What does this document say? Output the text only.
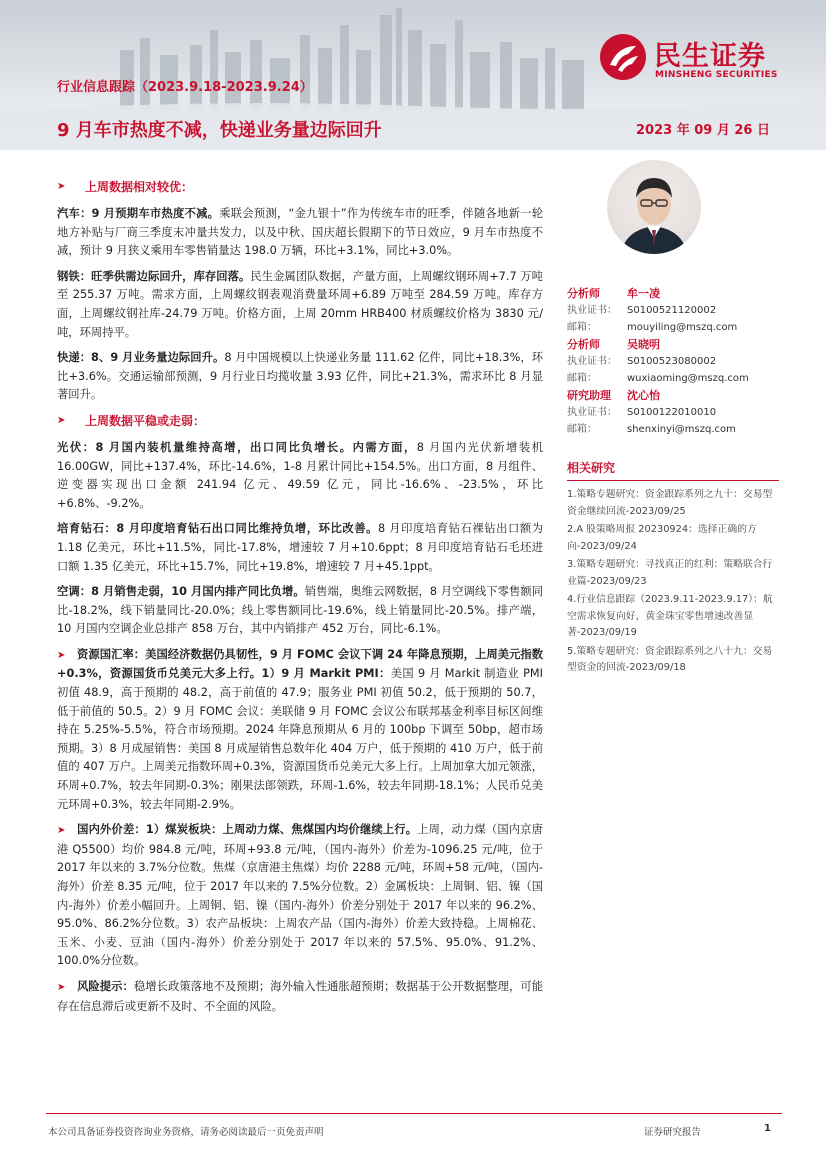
民生证券
MINSHENG SECURITIES
行业信息跟踪（2023.9.18-2023.9.24）
9 月车市热度不减，快递业务量边际回升	2023 年 09 月 26 日
➤	上周数据相对较优：

汽车：9 月预期车市热度不减。乘联会预测，“金九银十”作为传统车市的旺季，伴随各地新一轮地方补贴与厂商三季度末冲量共发力，以及中秋、国庆超长假期下的节日效应，9 月车市热度不减，预计 9 月狭义乘用车零售销量达 198.0 万辆，环比+3.1%，同比+3.0%。

钢铁：旺季供需边际回升，库存回落。民生金属团队数据，产量方面，上周螺纹钢环周+7.7 万吨至 255.37 万吨。需求方面，上周螺纹钢表观消费量环周+6.89 万吨至 284.59 万吨。库存方面，上周螺纹钢社库-24.79 万吨。价格方面，上周 20mm HRB400 材质螺纹价格为 3830 元/吨，环周持平。

快递：8、9 月业务量边际回升。8 月中国规模以上快递业务量 111.62 亿件，同比+18.3%，环比+3.6%。交通运输部预测，9 月行业日均揽收量 3.93 亿件，同比+21.3%，需求环比 8 月显著回升。

➤	上周数据平稳或走弱：

光伏：8 月国内装机量维持高增，出口同比负增长。内需方面，8 月国内光伏新增装机 16.00GW，同比+137.4%，环比-14.6%，1-8 月累计同比+154.5%。出口方面，8 月组件、逆变器实现出口金额 241.94 亿元、49.59 亿元，同比-16.6%、-23.5%，环比+6.8%、-9.2%。

培育钻石：8 月印度培育钻石出口同比维持负增，环比改善。8 月印度培育钻石裸钻出口额为 1.18 亿美元，环比+11.5%，同比-17.8%，增速较 7 月+10.6ppt；8 月印度培育钻石毛坯进口额 1.35 亿美元，环比+15.7%，同比+19.8%，增速较 7 月+45.1ppt。

空调：8 月销售走弱，10 月国内排产同比负增。销售端，奥维云网数据，8 月空调线下零售额同比-18.2%，线下销量同比-20.0%；线上零售额同比-19.6%，线上销量同比-20.5%。排产端，10 月国内空调企业总排产 858 万台，其中内销排产 452 万台，同比-6.1%。

➤ 资源国汇率：美国经济数据仍具韧性，9 月 FOMC 会议下调 24 年降息预期，上周美元指数+0.3%，资源国货币兑美元大多上行。1）9 月 Markit PMI：美国 9 月 Markit 制造业 PMI 初值 48.9，高于预期的 48.2，高于前值的 47.9；服务业 PMI 初值 50.2，低于预期的 50.7，低于前值的 50.5。2）9 月 FOMC 会议：美联储 9 月 FOMC 会议公布联邦基金利率目标区间维持在 5.25%-5.5%，符合市场预期。2024 年降息预期从 6 月的 100bp 下调至 50bp，超市场预期。3）8 月成屋销售：美国 8 月成屋销售总数年化 404 万户，低于预期的 410 万户，低于前值的 407 万户。上周美元指数环周+0.3%，资源国货币兑美元大多上行。上周加拿大加元领涨，环周+0.7%，较去年同期-0.3%；刚果法郎领跌，环周-1.6%，较去年同期-18.1%；人民币兑美元环周+0.3%，较去年同期-2.9%。

➤ 国内外价差：1）煤炭板块：上周动力煤、焦煤国内均价继续上行。上周，动力煤（国内京唐港 Q5500）均价 984.8 元/吨，环周+93.8 元/吨，（国内-海外）价差为-1096.25 元/吨，位于 2017 年以来的 3.7%分位数。焦煤（京唐港主焦煤）均价 2288 元/吨，环周+58 元/吨，（国内-海外）价差 8.35 元/吨，位于 2017 年以来的 7.5%分位数。2）金属板块：上周铜、铝、镍（国内-海外）价差小幅回升。上周铜、铝、镍（国内-海外）价差分别处于 2017 年以来的 96.2%、95.0%、86.2%分位数。3）农产品板块：上周农产品（国内-海外）价差大致持稳。上周棉花、玉米、小麦、豆油（国内-海外）价差分别处于 2017 年以来的 57.5%、95.0%、91.2%、100.0%分位数。

➤ 风险提示：稳增长政策落地不及预期；海外输入性通胀超预期；数据基于公开数据整理，可能存在信息滞后或更新不及时、不全面的风险。

分析师	牟一凌
执业证书：	S0100521120002
邮箱：	mouyiling@mszq.com
分析师	吴晓明
执业证书：	S0100523080002
邮箱：	wuxiaoming@mszq.com
研究助理	沈心怡
执业证书：	S0100122010010
邮箱：	shenxinyi@mszq.com
相关研究
1.策略专题研究：资金跟踪系列之九十：交易型资金继续回流-2023/09/25
2.A 股策略周报 20230924：选择正确的方向-2023/09/24
3.策略专题研究：寻找真正的红利：策略联合行业篇-2023/09/23
4.行业信息跟踪（2023.9.11-2023.9.17）：航空需求恢复向好，黄金珠宝零售增速改善显著-2023/09/19
5.策略专题研究：资金跟踪系列之八十九：交易型资金的回流-2023/09/18
本公司具备证券投资咨询业务资格，请务必阅读最后一页免责声明	证券研究报告	1
